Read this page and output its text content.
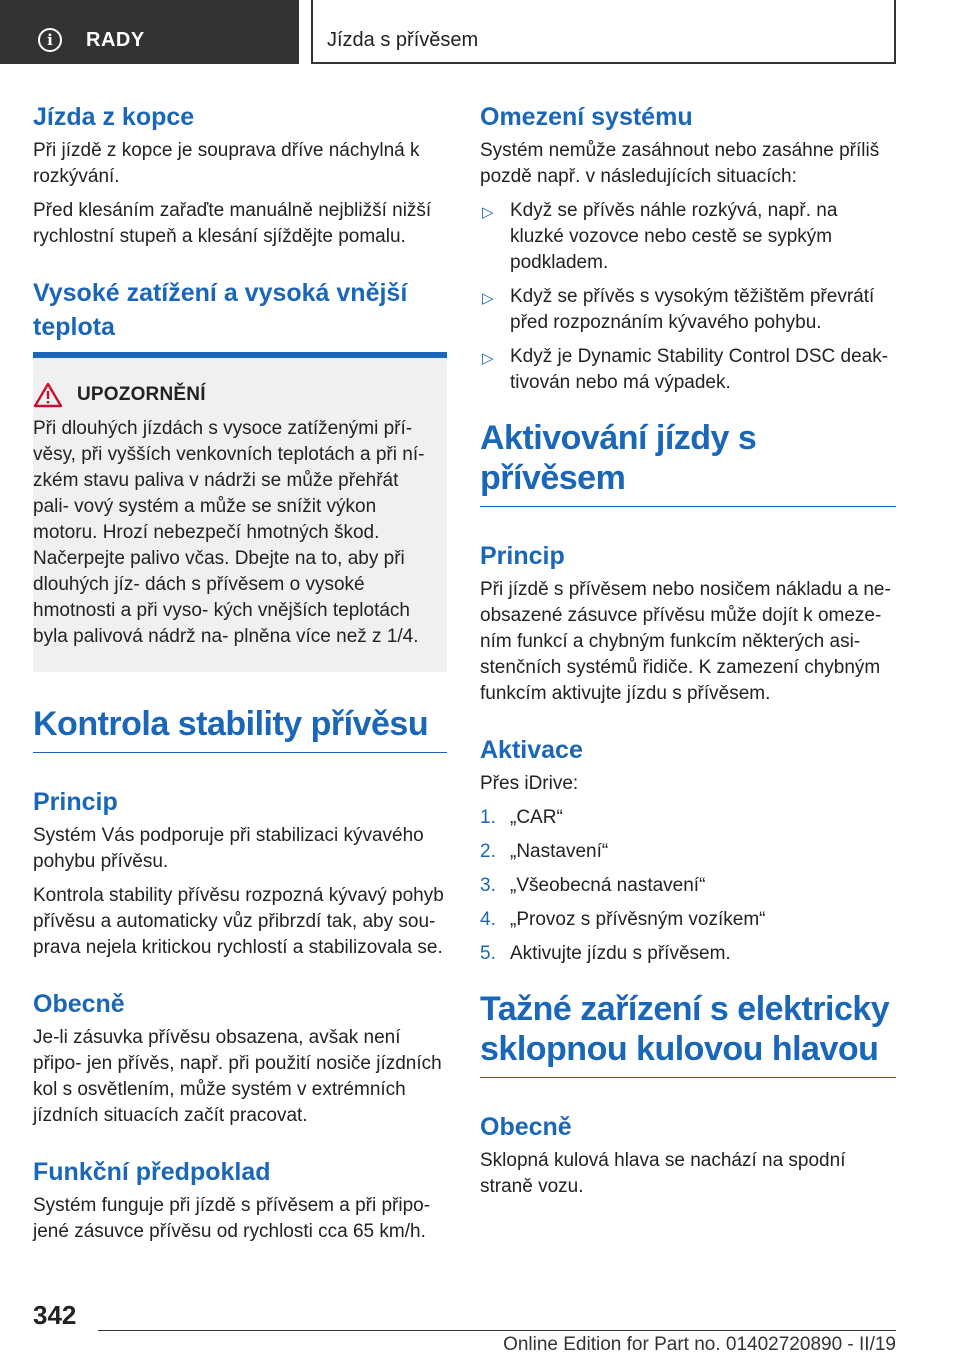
i	RADY	Jízda s přívěsem
Jízda z kopce

Při jízdě z kopce je souprava dříve náchylná k rozkývání.

Před klesáním zařaďte manuálně nejbližší nižší rychlostní stupeň a klesání sjíždějte pomalu.

Vysoké zatížení a vysoká vnější teplota
UPOZORNĚNÍ

Při dlouhých jízdách s vysoce zatíženými pří- věsy, při vyšších venkovních teplotách a při ní- zkém stavu paliva v nádrži se může přehřát pali- vový systém a může se snížit výkon motoru. Hrozí nebezpečí hmotných škod. Načerpejte palivo včas. Dbejte na to, aby při dlouhých jíz- dách s přívěsem o vysoké hmotnosti a při vyso- kých vnějších teplotách byla palivová nádrž na- plněna více než z 1/4.

Kontrola stability přívěsu
Princip

Systém Vás podporuje při stabilizaci kývavého pohybu přívěsu.

Kontrola stability přívěsu rozpozná kývavý pohyb přívěsu a automaticky vůz přibrzdí tak, aby sou- prava nejela kritickou rychlostí a stabilizovala se.

Obecně

Je-li zásuvka přívěsu obsazena, avšak není připo- jen přívěs, např. při použití nosiče jízdních kol s osvětlením, může systém v extrémních jízdních situacích začít pracovat.

Funkční předpoklad

Systém funguje při jízdě s přívěsem a při připo- jené zásuvce přívěsu od rychlosti cca 65 km/h.

Omezení systému

Systém nemůže zasáhnout nebo zasáhne příliš pozdě např. v následujících situacích:

▷ Když se přívěs náhle rozkývá, např. na kluzké vozovce nebo cestě se sypkým podkladem.
▷ Když se přívěs s vysokým těžištěm převrátí před rozpoznáním kývavého pohybu.
▷ Když je Dynamic Stability Control DSC deak- tivován nebo má výpadek.
Aktivování jízdy s přívěsem
Princip

Při jízdě s přívěsem nebo nosičem nákladu a ne- obsazené zásuvce přívěsu může dojít k omeze- ním funkcí a chybným funkcím některých asi- stenčních systémů řidiče. K zamezení chybným funkcím aktivujte jízdu s přívěsem.

Aktivace

Přes iDrive:

1. „CAR“
2. „Nastavení“
3. „Všeobecná nastavení“
4. „Provoz s přívěsným vozíkem“
5. Aktivujte jízdu s přívěsem.
Tažné zařízení s elektricky sklopnou kulovou hlavou
Obecně

Sklopná kulová hlava se nachází na spodní straně vozu.

342
Online Edition for Part no. 01402720890 - II/19
